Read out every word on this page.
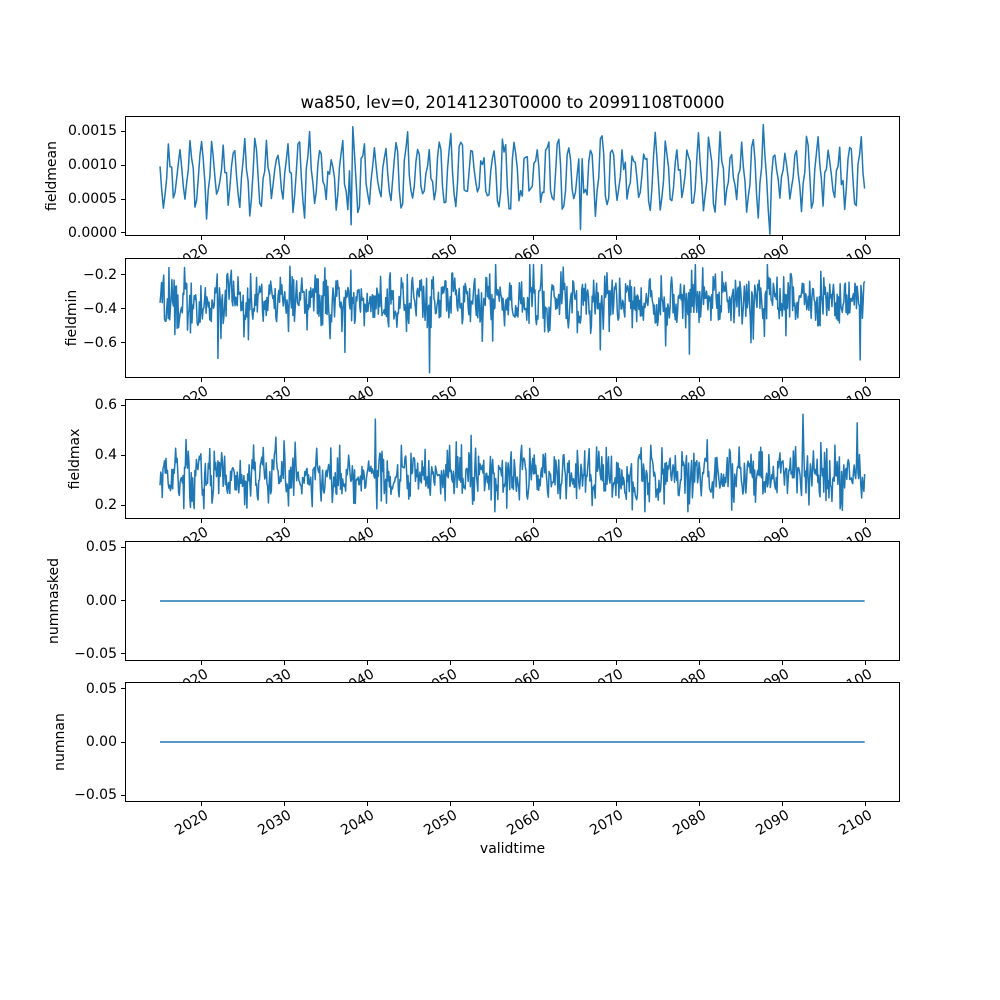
wa850, lev=0, 20141230T0000 to 20991108T0000
0.0000
0.0005
0.0010
0.0015
fieldmean
−0.2
−0.4
−0.6
fieldmin
0.2
0.4
0.6
fieldmax
0.05
0.00
−0.05
nummasked
0.05
0.00
−0.05
numnan
2020	2030	2040	2050	2060	2070	2080	2090	2100
validtime
